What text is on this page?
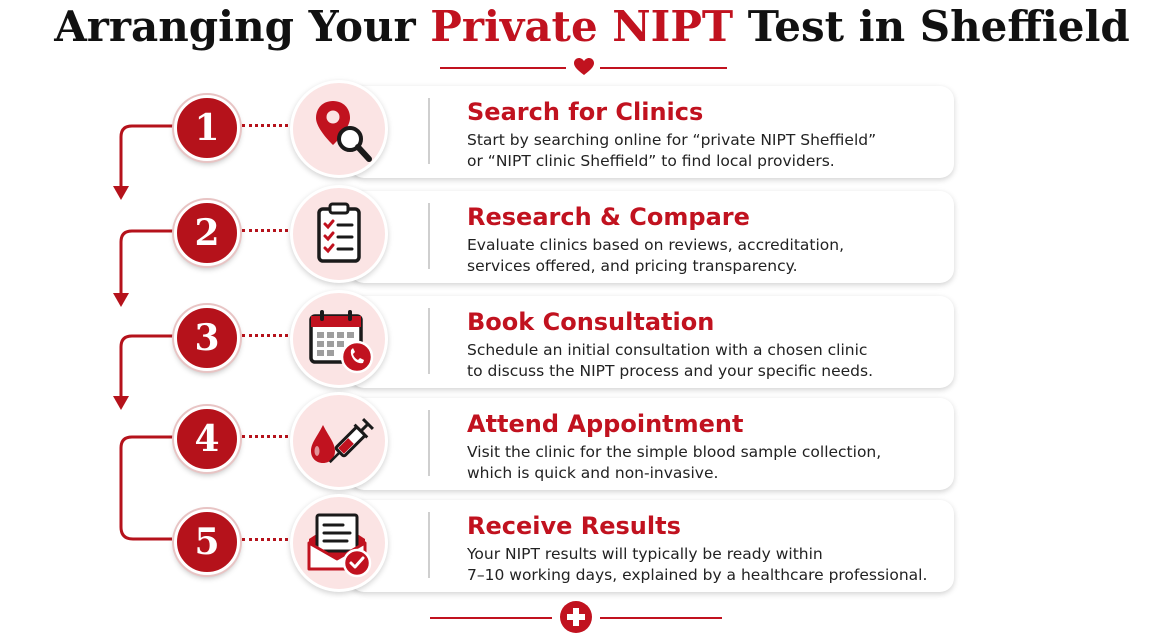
Arranging Your Private NIPT Test in Sheffield
Search for Clinics
Start by searching online for “private NIPT Sheffield”
or “NIPT clinic Sheffield” to find local providers.
1
Research & Compare
Evaluate clinics based on reviews, accreditation,
services offered, and pricing transparency.
2
Book Consultation
Schedule an initial consultation with a chosen clinic
to discuss the NIPT process and your specific needs.
3
Attend Appointment
Visit the clinic for the simple blood sample collection,
which is quick and non-invasive.
4
Receive Results
Your NIPT results will typically be ready within
7–10 working days, explained by a healthcare professional.
5
